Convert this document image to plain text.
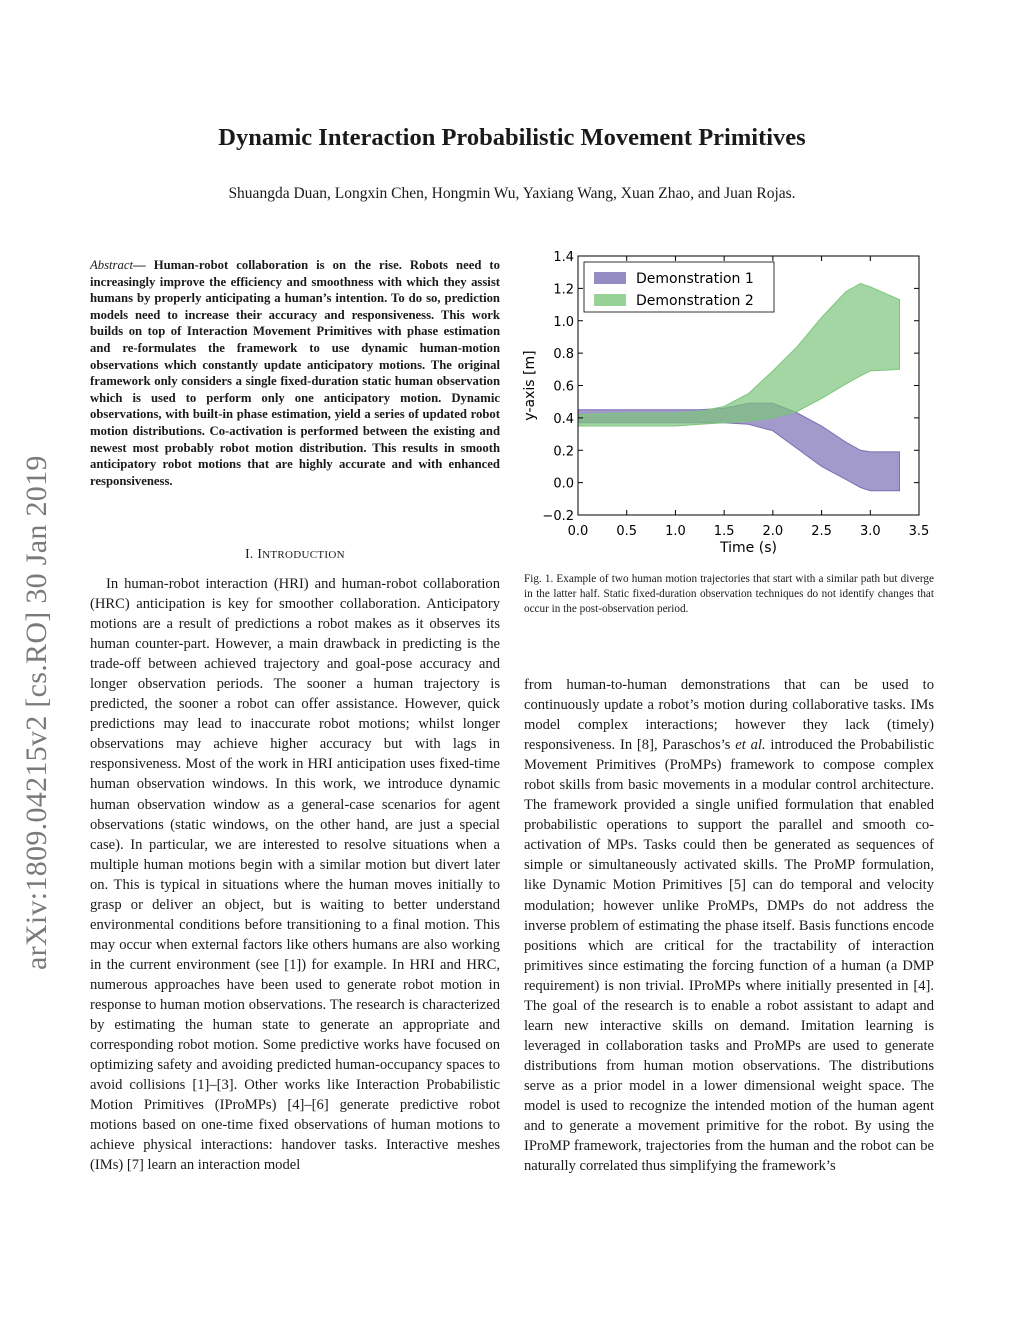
Dynamic Interaction Probabilistic Movement Primitives
Shuangda Duan, Longxin Chen, Hongmin Wu, Yaxiang Wang, Xuan Zhao, and Juan Rojas.
arXiv:1809.04215v2 [cs.RO] 30 Jan 2019
Abstract— Human-robot collaboration is on the rise. Robots need to increasingly improve the efficiency and smoothness with which they assist humans by properly anticipating a human’s intention. To do so, prediction models need to increase their accuracy and responsiveness. This work builds on top of Interaction Movement Primitives with phase estimation and re-formulates the framework to use dynamic human-motion observations which constantly update anticipatory motions. The original framework only considers a single fixed-duration static human observation which is used to perform only one anticipatory motion. Dynamic observations, with built-in phase estimation, yield a series of updated robot motion distributions. Co-activation is performed between the existing and newest most probably robot motion distribution. This results in smooth anticipatory robot motions that are highly accurate and with enhanced responsiveness.
I. INTRODUCTION
In human-robot interaction (HRI) and human-robot collaboration (HRC) anticipation is key for smoother collaboration. Anticipatory motions are a result of predictions a robot makes as it observes its human counter-part. However, a main drawback in predicting is the trade-off between achieved trajectory and goal-pose accuracy and longer observation periods. The sooner a human trajectory is predicted, the sooner a robot can offer assistance. However, quick predictions may lead to inaccurate robot motions; whilst longer observations may achieve higher accuracy but with lags in responsiveness. Most of the work in HRI anticipation uses fixed-time human observation windows. In this work, we introduce dynamic human observation window as a general-case scenarios for agent observations (static windows, on the other hand, are just a special case). In particular, we are interested to resolve situations when a multiple human motions begin with a similar motion but divert later on. This is typical in situations where the human moves initially to grasp or deliver an object, but is waiting to better understand environmental conditions before transitioning to a final motion. This may occur when external factors like others humans are also working in the current environment (see [1]) for example. In HRI and HRC, numerous approaches have been used to generate robot motion in response to human motion observations. The research is characterized by estimating the human state to generate an appropriate and corresponding robot motion. Some predictive works have focused on optimizing safety and avoiding predicted human-occupancy spaces to avoid collisions [1]–[3]. Other works like Interaction Probabilistic Motion Primitives (IProMPs) [4]–[6] generate predictive robot motions based on one-time fixed observations of human motions to achieve physical interactions: handover tasks. Interactive meshes (IMs) [7] learn an interaction model
from human-to-human demonstrations that can be used to continuously update a robot’s motion during collaborative tasks. IMs model complex interactions; however they lack (timely) responsiveness. In [8], Paraschos’s et al. introduced the Probabilistic Movement Primitives (ProMPs) framework to compose complex robot skills from basic movements in a modular control architecture. The framework provided a single unified formulation that enabled probabilistic operations to support the parallel and smooth co-activation of MPs. Tasks could then be generated as sequences of simple or simultaneously activated skills. The ProMP formulation, like Dynamic Motion Primitives [5] can do temporal and velocity modulation; however unlike ProMPs, DMPs do not address the inverse problem of estimating the phase itself. Basis functions encode positions which are critical for the tractability of interaction primitives since estimating the forcing function of a human (a DMP requirement) is non trivial. IProMPs where initially presented in [4]. The goal of the research is to enable a robot assistant to adapt and learn new interactive skills on demand. Imitation learning is leveraged in collaboration tasks and ProMPs are used to generate distributions from human motion observations. The distributions serve as a prior model in a lower dimensional weight space. The model is used to recognize the intended motion of the human agent and to generate a movement primitive for the robot. By using the IProMP framework, trajectories from the human and the robot can be naturally correlated thus simplifying the framework’s
Fig. 1. Example of two human motion trajectories that start with a similar path but diverge in the latter half. Static fixed-duration observation techniques do not identify changes that occur in the post-observation period.
0.0 0.5 1.0 1.5 2.0 2.5 3.0 3.5
−0.2
0.0
0.2
0.4
0.6
0.8
1.0
1.2
1.4
Time (s)
y-axis [m]
Demonstration 1
Demonstration 2
